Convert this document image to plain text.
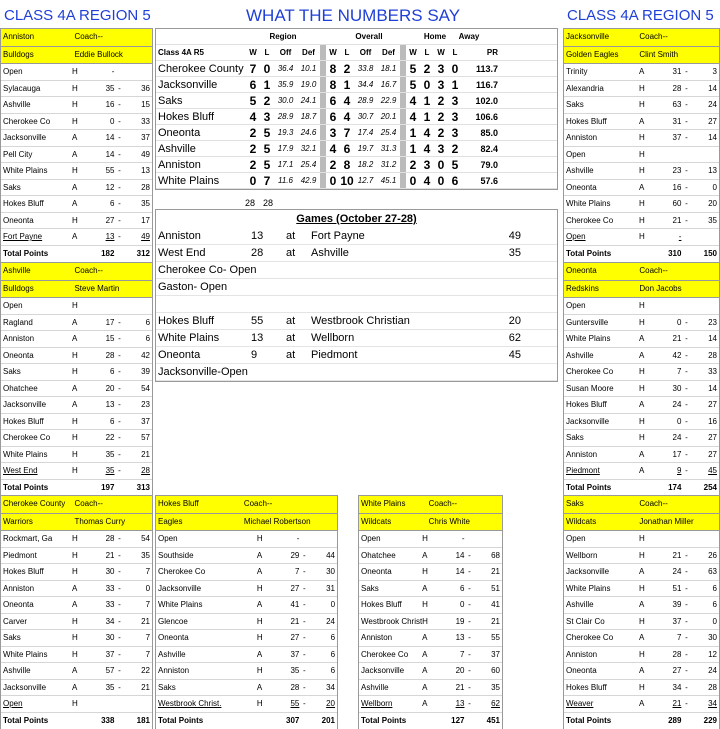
CLASS 4A REGION 5	WHAT THE NUMBERS SAY	CLASS 4A REGION 5
Region	Overall	Home	Away
Class 4A R5	W L	Off	Def	W L	Off	Def	W L W L	PR
Cherokee County 7 0 36.4 10.1	8 2 33.8 18.1	5 2 3 0	113.7
Jacksonville	6 1 35.9 19.0	8 1 34.4 16.7	5 0 3 1	116.7
Saks	5 2 30.0 24.1	6 4 28.9 22.9	4 1 2 3	102.0
Hokes Bluff	4 3 28.9 18.7	6 4 30.7 20.1	4 1 2 3	106.6
Oneonta	2 5 19.3 24.6	3 7 17.4 25.4	1 4 2 3	85.0
Ashville	2 5 17.9 32.1	4 6 19.7 31.3	1 4 3 2	82.4
Anniston	2 5 17.1 25.4	2 8 18.2 31.2	2 3 0 5	79.0
White Plains	0 7 11.6 42.9	0 10 12.7 45.1	0 4 0 6	57.6
28 28
Games (October 27-28)
Anniston	13	at	Fort Payne	49
West End	28	at	Ashville	35
Cherokee Co- Open
Gaston- Open
Hokes Bluff	55	at	Westbrook Christian	20
White Plains	13	at	Wellborn	62
Oneonta	9	at	Piedmont	45
Jacksonville-Open
Anniston	Coach--
Bulldogs	Eddie Bullock
Open	H	-
Sylacauga	H	35 -	36
Ashville	H	16 -	15
Cherokee Co	H	0 -	33
Jacksonville	A	14 -	37
Pell City	A	14 -	49
White Plains	H	55 -	13
Saks	A	12 -	28
Hokes Bluff	A	6 -	35
Oneonta	H	27 -	17
Fort Payne	A	13 -	49
Total Points	182	312
Ashville	Coach--
Bulldogs	Steve Martin
Open	H
Ragland	A	17 -	6
Anniston	A	15 -	6
Oneonta	H	28 -	42
Saks	H	6 -	39
Ohatchee	A	20 -	54
Jacksonville	A	13 -	23
Hokes Bluff	H	6 -	37
Cherokee Co	H	22 -	57
White Plains	H	35 -	21
West End	H	35 -	28
Total Points	197	313
Cherokee County	Coach--
Warriors	Thomas Curry
Rockmart, Ga	H	28 -	54
Piedmont	H	21 -	35
Hokes Bluff	H	30 -	7
Anniston	A	33 -	0
Oneonta	A	33 -	7
Carver	H	34 -	21
Saks	H	30 -	7
White Plains	H	37 -	7
Ashville	A	57 -	22
Jacksonville	A	35 -	21
Open	H
Total Points	338	181
Hokes Bluff	Coach--
Eagles	Michael Robertson
Open	H	-
Southside	A	29 -	44
Cherokee Co	A	7 -	30
Jacksonville	H	27 -	31
White Plains	A	41 -	0
Glencoe	H	21 -	24
Oneonta	H	27 -	6
Ashville	A	37 -	6
Anniston	H	35 -	6
Saks	A	28 -	34
Westbrook Christ.	H	55 -	20
Total Points	307	201
White Plains	Coach--
Wildcats	Chris White
Open	H	-
Ohatchee	A	14 -	68
Oneonta	H	14 -	21
Saks	A	6 -	51
Hokes Bluff	H	0 -	41
Westbrook Christ H	19 -	21
Anniston	A	13 -	55
Cherokee Co	A	7 -	37
Jacksonville	A	20 -	60
Ashville	A	21 -	35
Wellborn	A	13 -	62
Total Points	127	451
Jacksonville	Coach--
Golden Eagles	Clint Smith
Trinity	A	31 -	3
Alexandria	H	28 -	14
Saks	H	63 -	24
Hokes Bluff	A	31 -	27
Anniston	H	37 -	14
Open	H
Ashville	H	23 -	13
Oneonta	A	16 -	0
White Plains	H	60 -	20
Cherokee Co	H	21 -	35
Open	H	-
Total Points	310	150
Oneonta	Coach--
Redskins	Don Jacobs
Open	H
Guntersville	H	0 -	23
White Plains	A	21 -	14
Ashville	A	42 -	28
Cherokee Co	H	7 -	33
Susan Moore	H	30 -	14
Hokes Bluff	A	24 -	27
Jacksonville	H	0 -	16
Saks	H	24 -	27
Anniston	A	17 -	27
Piedmont	A	9 -	45
Total Points	174	254
Saks	Coach--
Wildcats	Jonathan Miller
Open	H
Wellborn	H	21 -	26
Jacksonville	A	24 -	63
White Plains	H	51 -	6
Ashville	A	39 -	6
St Clair Co	H	37 -	0
Cherokee Co	A	7 -	30
Anniston	H	28 -	12
Oneonta	A	27 -	24
Hokes Bluff	H	34 -	28
Weaver	A	21 -	34
Total Points	289	229
